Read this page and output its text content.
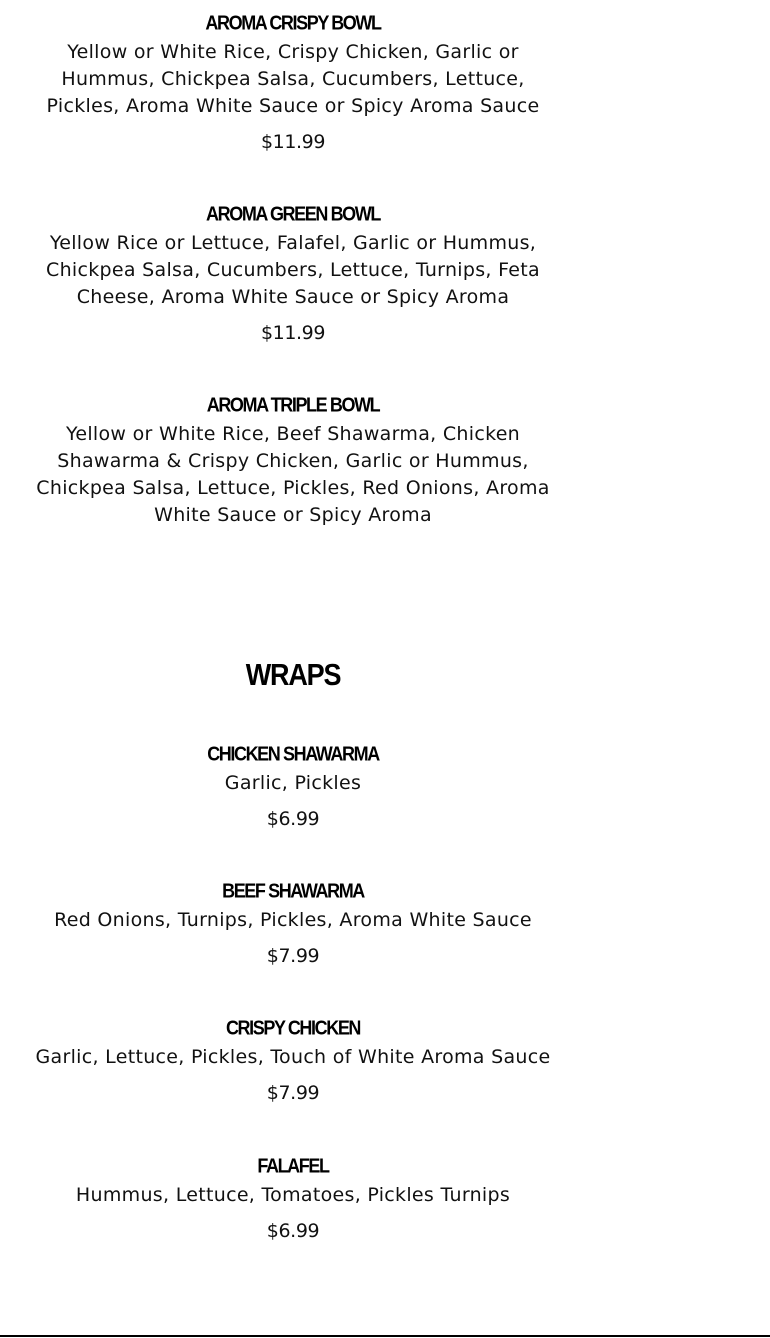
AROMA CRISPY BOWL
Yellow or White Rice, Crispy Chicken, Garlic or Hummus, Chickpea Salsa, Cucumbers, Lettuce, Pickles, Aroma White Sauce or Spicy Aroma Sauce
$11.99
AROMA GREEN BOWL
Yellow Rice or Lettuce, Falafel, Garlic or Hummus, Chickpea Salsa, Cucumbers, Lettuce, Turnips, Feta Cheese, Aroma White Sauce or Spicy Aroma
$11.99
AROMA TRIPLE BOWL
Yellow or White Rice, Beef Shawarma, Chicken Shawarma & Crispy Chicken, Garlic or Hummus, Chickpea Salsa, Lettuce, Pickles, Red Onions, Aroma White Sauce or Spicy Aroma
WRAPS
CHICKEN SHAWARMA
Garlic, Pickles
$6.99
BEEF SHAWARMA
Red Onions, Turnips, Pickles, Aroma White Sauce
$7.99
CRISPY CHICKEN
Garlic, Lettuce, Pickles, Touch of White Aroma Sauce
$7.99
FALAFEL
Hummus, Lettuce, Tomatoes, Pickles Turnips
$6.99
